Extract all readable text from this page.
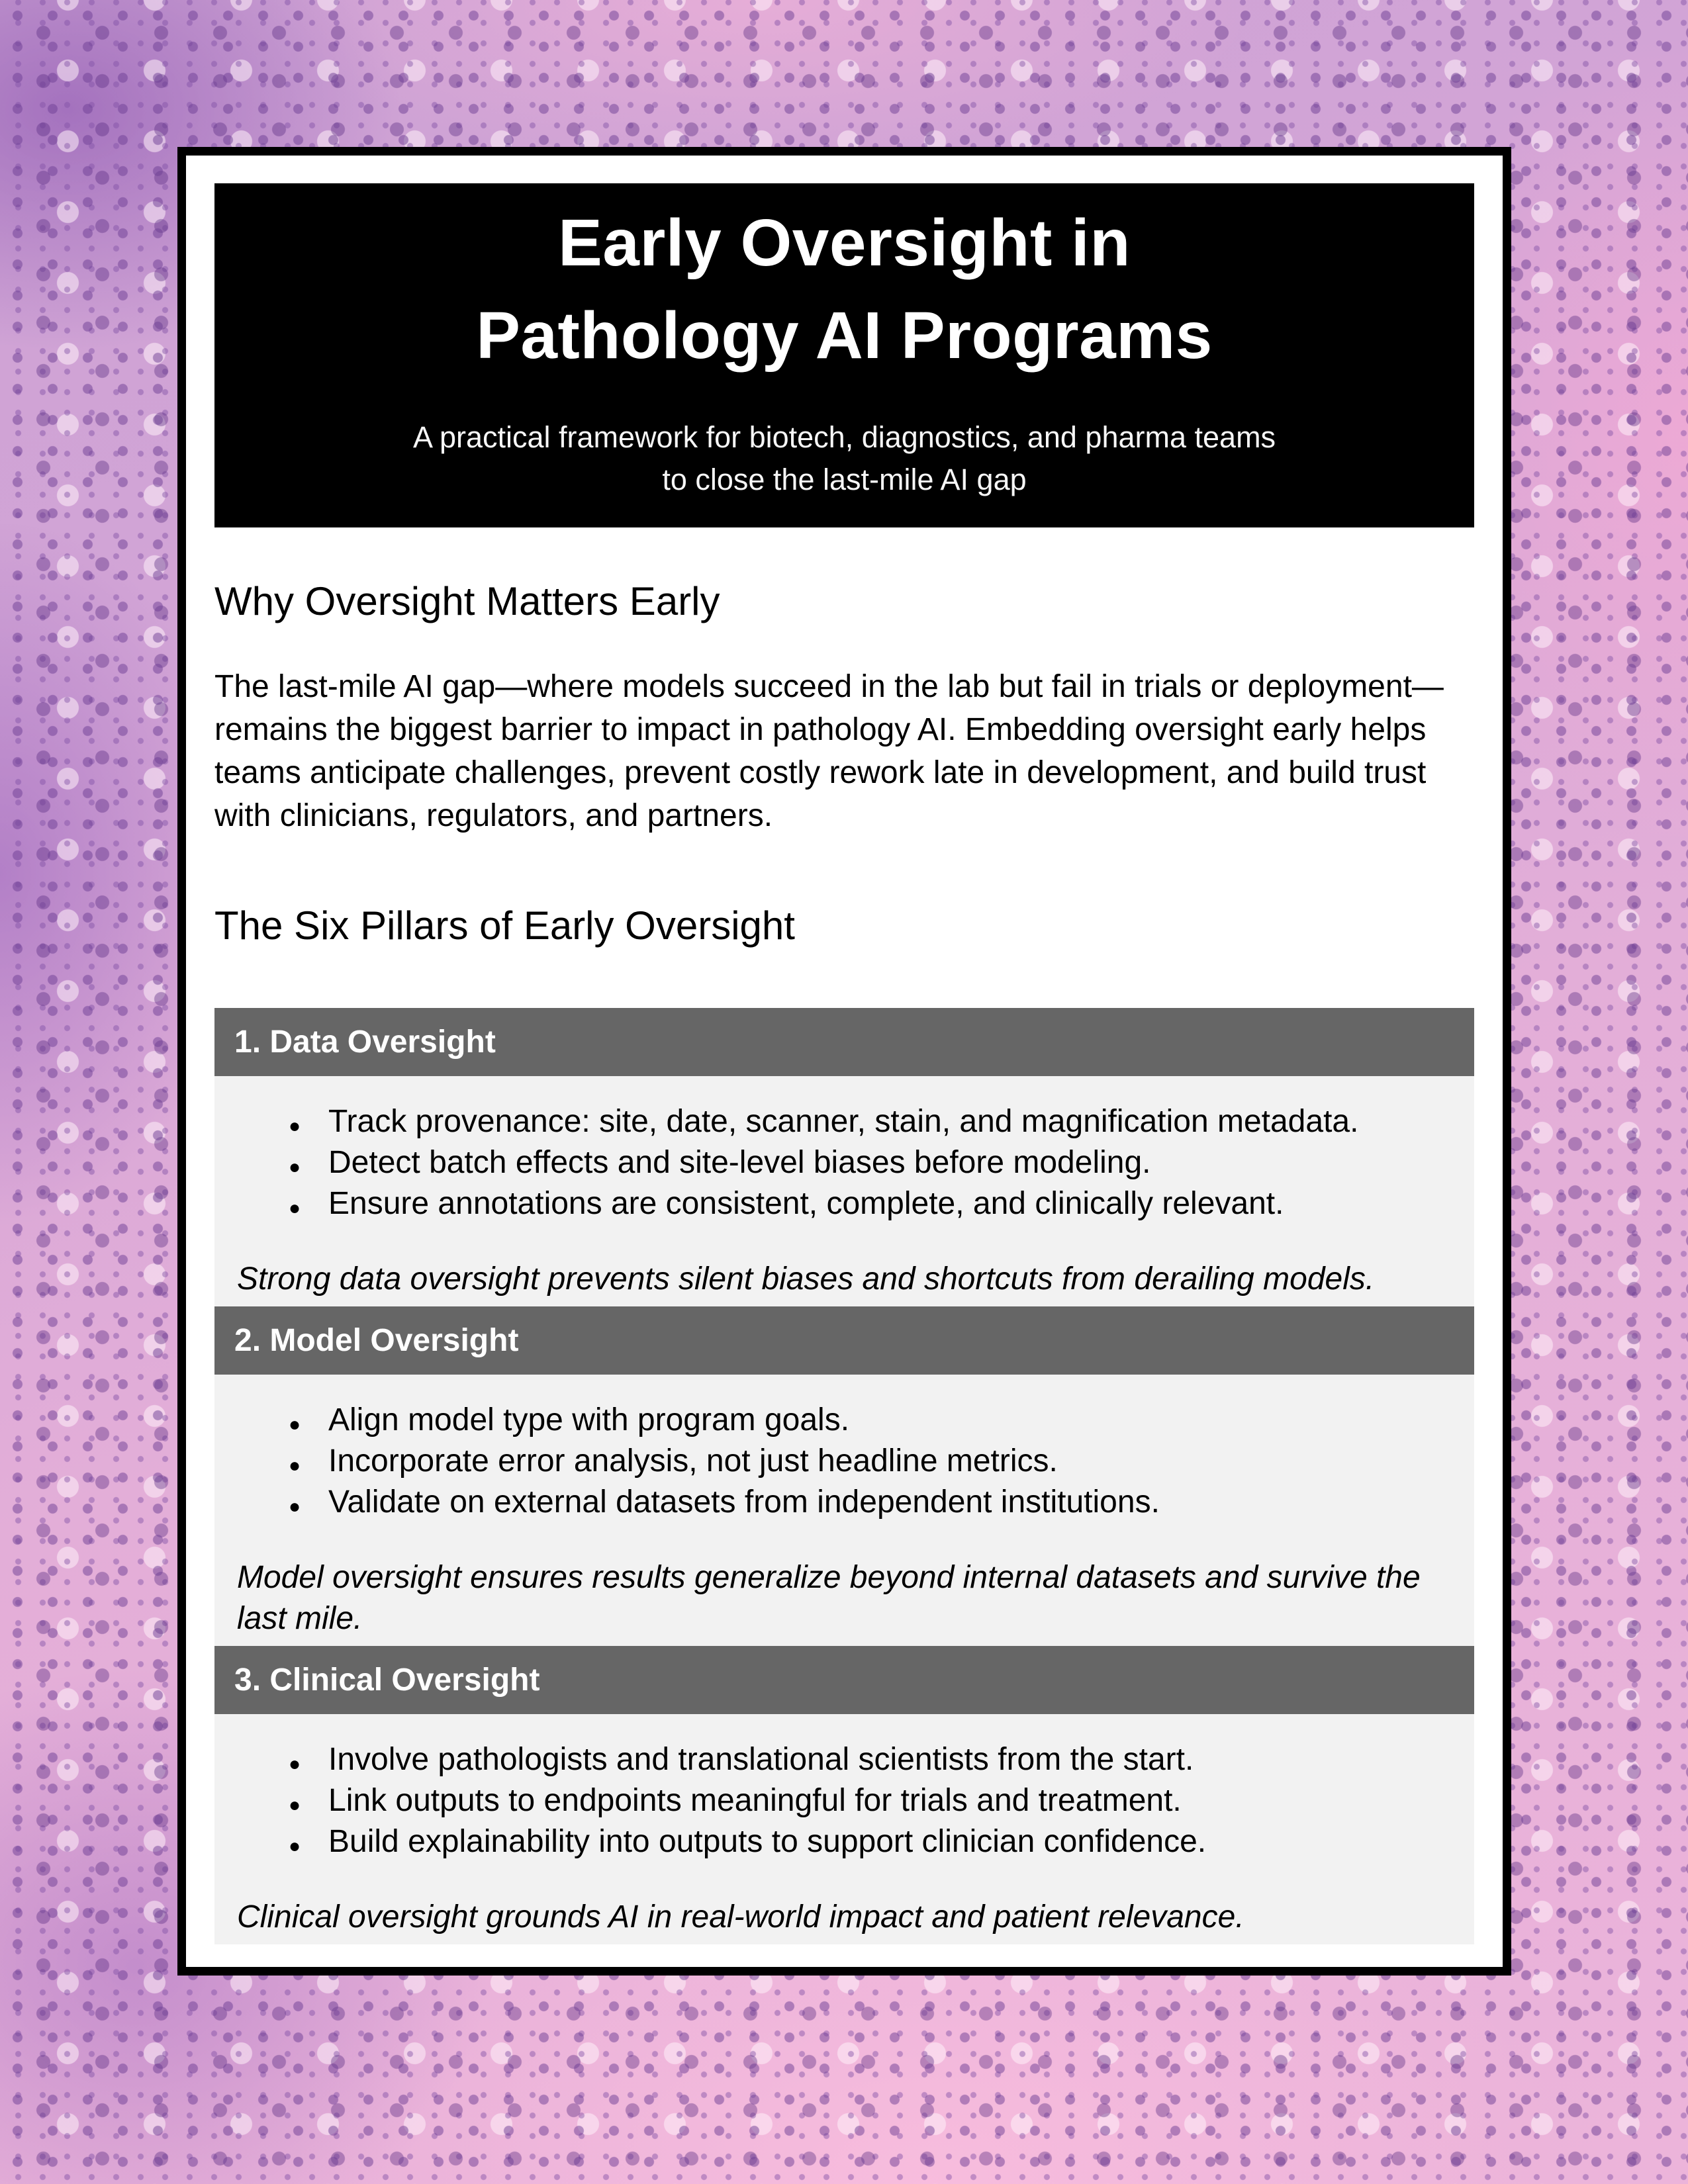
Early Oversight in
Pathology AI Programs

A practical framework for biotech, diagnostics, and pharma teams
to close the last-mile AI gap

Why Oversight Matters Early

The last-mile AI gap—where models succeed in the lab but fail in trials or deployment—remains the biggest barrier to impact in pathology AI. Embedding oversight early helps teams anticipate challenges, prevent costly rework late in development, and build trust with clinicians, regulators, and partners.

The Six Pillars of Early Oversight
1. Data Oversight
● Track provenance: site, date, scanner, stain, and magnification metadata.
● Detect batch effects and site-level biases before modeling.
● Ensure annotations are consistent, complete, and clinically relevant.

Strong data oversight prevents silent biases and shortcuts from derailing models.

2. Model Oversight
● Align model type with program goals.
● Incorporate error analysis, not just headline metrics.
● Validate on external datasets from independent institutions.

Model oversight ensures results generalize beyond internal datasets and survive the last mile.

3. Clinical Oversight
● Involve pathologists and translational scientists from the start.
● Link outputs to endpoints meaningful for trials and treatment.
● Build explainability into outputs to support clinician confidence.

Clinical oversight grounds AI in real-world impact and patient relevance.
